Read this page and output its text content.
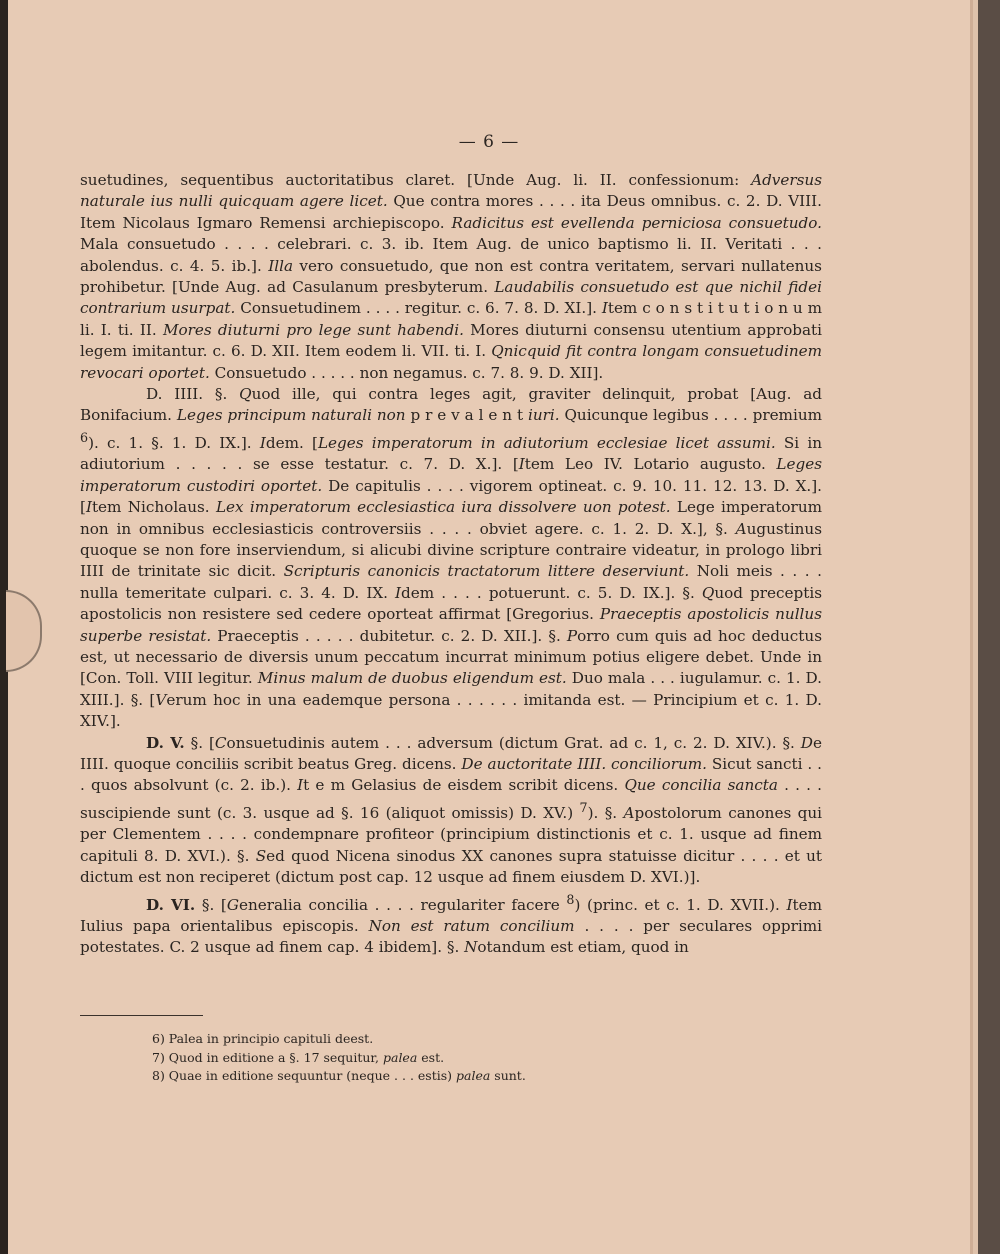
— 6 —

suetudines, sequentibus auctoritatibus claret. [Unde Aug. li. II. confessionum: Adversus naturale ius nulli quicquam agere licet. Que contra mores . . . . ita Deus omnibus. c. 2. D. VIII. Item Nicolaus Igmaro Remensi archiepiscopo. Radicitus est evellenda perniciosa consuetudo. Mala consuetudo . . . . celebrari. c. 3. ib. Item Aug. de unico baptismo li. II. Veritati . . . abolendus. c. 4. 5. ib.]. Illa vero consuetudo, que non est contra veritatem, servari nullatenus prohibetur. [Unde Aug. ad Casulanum presbyterum. Laudabilis consuetudo est que nichil fidei contrarium usurpat. Consuetudinem . . . . regitur. c. 6. 7. 8. D. XI.]. Item c o n s t i t u t i o n u m li. I. ti. II. Mores diuturni pro lege sunt habendi. Mores diuturni consensu utentium approbati legem imitantur. c. 6. D. XII. Item eodem li. VII. ti. I. Qnicquid fit contra longam consuetudinem revocari oportet. Consuetudo . . . . . non negamus. c. 7. 8. 9. D. XII].

D. IIII. §. Quod ille, qui contra leges agit, graviter delinquit, probat [Aug. ad Bonifacium. Leges principum naturali non p r e v a l e n t iuri. Quicunque legibus . . . . premium $^6$). c. 1. §. 1. D. IX.]. Idem. [Leges imperatorum in adiutorium ecclesiae licet assumi. Si in adiutorium . . . . . se esse testatur. c. 7. D. X.]. [Item Leo IV. Lotario augusto. Leges imperatorum custodiri oportet. De capitulis . . . . vigorem optineat. c. 9. 10. 11. 12. 13. D. X.]. [Item Nicholaus. Lex imperatorum ecclesiastica iura dissolvere uon potest. Lege imperatorum non in omnibus ecclesiasticis controversiis . . . . obviet agere. c. 1. 2. D. X.], §. Augustinus quoque se non fore inserviendum, si alicubi divine scripture contraire videatur, in prologo libri IIII de trinitate sic dicit. Scripturis canonicis tractatorum littere deserviunt. Noli meis . . . . nulla temeritate culpari. c. 3. 4. D. IX. Idem . . . . potuerunt. c. 5. D. IX.]. §. Quod preceptis apostolicis non resistere sed cedere oporteat affirmat [Gregorius. Praeceptis apostolicis nullus superbe resistat. Praeceptis . . . . . dubitetur. c. 2. D. XII.]. §. Porro cum quis ad hoc deductus est, ut necessario de diversis unum peccatum incurrat minimum potius eligere debet. Unde in [Con. Toll. VIII legitur. Minus malum de duobus eligendum est. Duo mala . . . iugulamur. c. 1. D. XIII.]. §. [Verum hoc in una eademque persona . . . . . . imitanda est. — Principium et c. 1. D. XIV.].

D. V. §. [Consuetudinis autem . . . adversum (dictum Grat. ad c. 1, c. 2. D. XIV.). §. De IIII. quoque conciliis scribit beatus Greg. dicens. De auctoritate IIII. conciliorum. Sicut sancti . . . quos absolvunt (c. 2. ib.). It e m Gelasius de eisdem scribit dicens. Que concilia sancta . . . . suscipiende sunt (c. 3. usque ad §. 16 (aliquot omissis) D. XV.) $^7$). §. Apostolorum canones qui per Clementem . . . . condempnare profiteor (principium distinctionis et c. 1. usque ad finem capituli 8. D. XVI.). §. Sed quod Nicena sinodus XX canones supra statuisse dicitur . . . . et ut dictum est non reciperet (dictum post cap. 12 usque ad finem eiusdem D. XVI.)].

D. VI. §. [Generalia concilia . . . . regulariter facere $^8$) (princ. et c. 1. D. XVII.). Item Iulius papa orientalibus episcopis. Non est ratum concilium . . . . per seculares opprimi potestates. C. 2 usque ad finem cap. 4 ibidem]. §. Notandum est etiam, quod in

6) Palea in principio capituli deest.
7) Quod in editione a §. 17 sequitur, palea est.
8) Quae in editione sequuntur (neque . . . estis) palea sunt.
